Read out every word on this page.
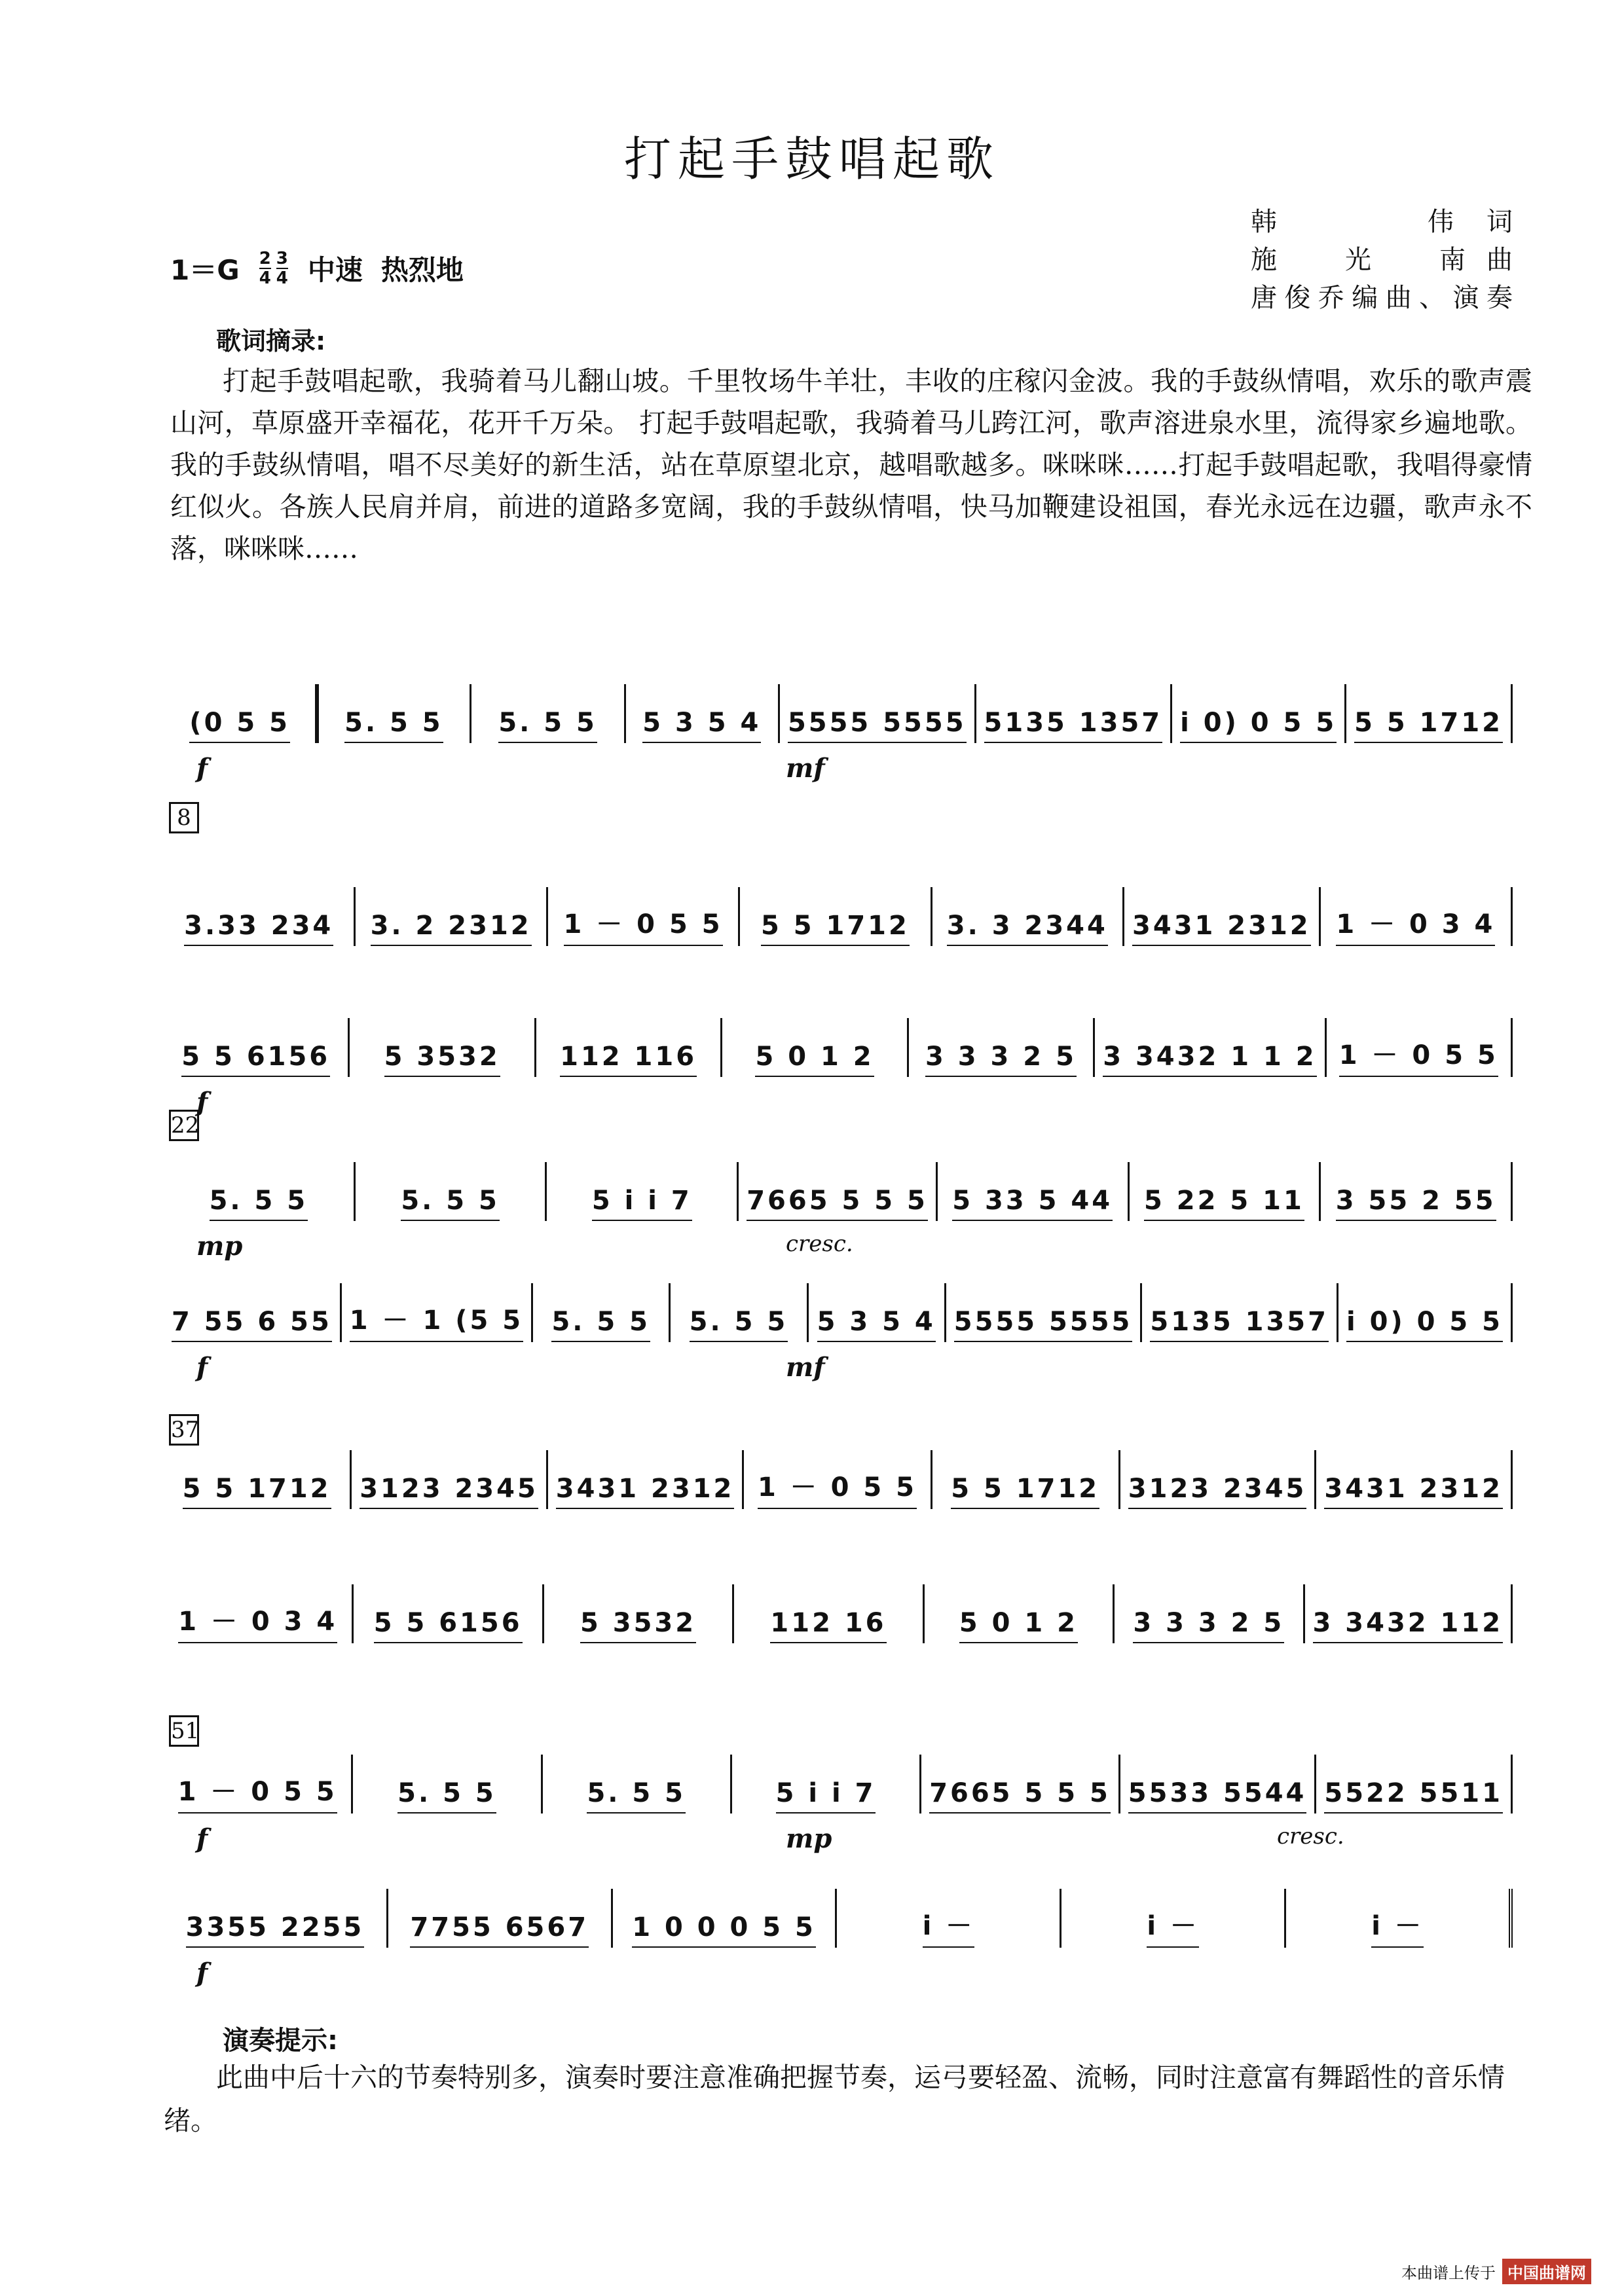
打起手鼓唱起歌
韩　　伟词
施　光　南曲
唐俊乔编曲、演奏
$1=G \frac{2}{4} \frac{3}{4}$ 中速 热烈地
歌词摘录:
打起手鼓唱起歌，我骑着马儿翻山坡。千里牧场牛羊壮，丰收的庄稼闪金波。我的手鼓纵情唱，欢乐的歌声震山河，草原盛开幸福花，花开千万朵。 打起手鼓唱起歌，我骑着马儿跨江河，歌声溶进泉水里，流得家乡遍地歌。我的手鼓纵情唱，唱不尽美好的新生活，站在草原望北京，越唱歌越多。咪咪咪……打起手鼓唱起歌，我唱得豪情红似火。各族人民肩并肩，前进的道路多宽阔，我的手鼓纵情唱，快马加鞭建设祖国，春光永远在边疆，歌声永不落，咪咪咪……
(0 5 5 5. 5 5 5. 5 5 5 3 5 4 5555 5555 5135 1357 i 0) 0 5 5 5 5 1712
f	mf
3.33 234 3. 2 2312 1 － 0 5 5 5 5 1712 3. 3 2344 3431 2312 1 － 0 3 4
5 5 6156 5 3532 112 116 5 0 1 2 3 3 3 2 5 3 3432 1 1 2 1 － 0 5 5
f
5. 5 5	5. 5 5	5 i i 7 7665 5 5 5 5 33 5 44 5 22 5 11 3 55 2 55
mp	cresc.
7 55 6 55 1 － 1 (5 5 5. 5 5 5. 5 5 5 3 5 4 5555 5555 5135 1357 i 0) 0 5 5
f	mf
5 5 1712 3123 2345 3431 2312 1 － 0 5 5 5 5 1712 3123 2345 3431 2312
1 － 0 3 4 5 5 6156 5 3532	112 16	5 0 1 2 3 3 3 2 5 3 3432 112
1 － 0 5 5 5. 5 5	5. 5 5	5 i i 7 7665 5 5 5 5533 5544 5522 5511
f	mp	cresc.
3355 2255 7755 6567 1 0 0 0 5 5	i －	i －	i －
f
8
22
37
51
演奏提示:
此曲中后十六的节奏特别多，演奏时要注意准确把握节奏，运弓要轻盈、流畅，同时注意富有舞蹈性的音乐情绪。
本曲谱上传于 中国曲谱网
